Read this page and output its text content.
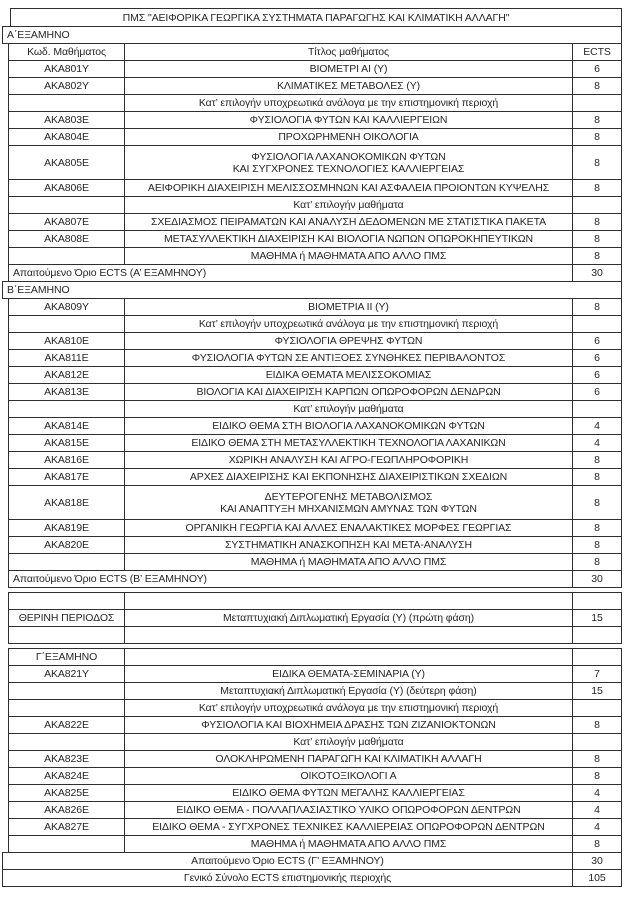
ΠΜΣ "ΑΕΙΦΟΡΙΚΑ ΓΕΩΡΓΙΚΑ ΣΥΣΤΗΜΑΤΑ ΠΑΡΑΓΩΓΗΣ ΚΑΙ ΚΛΙΜΑΤΙΚΗ ΑΛΛΑΓΗ"
Α΄ΕΞΑΜΗΝΟ
Κωδ. Μαθήματος	Τίτλος μαθήματος	ECTS
ΑΚΑ801Υ	ΒΙΟΜΕΤΡΙ ΑΙ (Υ)	6
ΑΚΑ802Υ	ΚΛΙΜΑΤΙΚΕΣ ΜΕΤΑΒΟΛΕΣ (Υ)	8
Κατ’ επιλογήν υποχρεωτικά ανάλογα με την επιστημονική περιοχή
ΑΚΑ803Ε	ΦΥΣΙΟΛΟΓΙΑ ΦΥΤΩΝ ΚΑΙ ΚΑΛΛΙΕΡΓΕΙΩΝ	8
ΑΚΑ804Ε	ΠΡΟΧΩΡΗΜΕΝΗ ΟΙΚΟΛΟΓΙΑ	8
ΑΚΑ805Ε	ΦΥΣΙΟΛΟΓΙΑ ΛΑΧΑΝΟΚΟΜΙΚΩΝ ΦΥΤΩΝ
ΚΑΙ ΣΥΓΧΡΟΝΕΣ ΤΕΧΝΟΛΟΓΙΕΣ ΚΑΛΛΙΕΡΓΕΙΑΣ	8
ΑΚΑ806Ε	ΑΕΙΦΟΡΙΚΗ ΔΙΑΧΕΙΡΙΣΗ ΜΕΛΙΣΣΟΣΜΗΝΩΝ ΚΑΙ ΑΣΦΑΛΕΙΑ ΠΡΟΙΟΝΤΩΝ ΚΥΨΕΛΗΣ	8
Κατ’ επιλογήν μαθήματα
ΑΚΑ807Ε	ΣΧΕΔΙΑΣΜΟΣ ΠΕΙΡΑΜΑΤΩΝ ΚΑΙ ΑΝΑΛΥΣΗ ΔΕΔΟΜΕΝΩΝ ΜΕ ΣΤΑΤΙΣΤΙΚΑ ΠΑΚΕΤΑ	8
ΑΚΑ808Ε	ΜΕΤΑΣΥΛΛΕΚΤΙΚΗ ΔΙΑΧΕΙΡΙΣΗ ΚΑΙ ΒΙΟΛΟΓΙΑ ΝΩΠΩΝ ΟΠΩΡΟΚΗΠΕΥΤΙΚΩΝ	8
ΜΑΘΗΜΑ ή ΜΑΘΗΜΑΤΑ ΑΠΟ ΑΛΛΟ ΠΜΣ	8
Απαιτούμενο Όριο ECTS (Α’ ΕΞΑΜΗΝΟΥ)	30
Β΄ΕΞΑΜΗΝΟ
ΑΚΑ809Υ	ΒΙΟΜΕΤΡΙΑ ΙΙ (Υ)	8
Κατ’ επιλογήν υποχρεωτικά ανάλογα με την επιστημονική περιοχή
ΑΚΑ810Ε	ΦΥΣΙΟΛΟΓΙΑ ΘΡΕΨΗΣ ΦΥΤΩΝ	6
ΑΚΑ811Ε	ΦΥΣΙΟΛΟΓΙΑ ΦΥΤΩΝ ΣΕ ΑΝΤΙΞΟΕΣ ΣΥΝΘΗΚΕΣ ΠΕΡΙΒΑΛΟΝΤΟΣ	6
ΑΚΑ812Ε	ΕΙΔΙΚΑ ΘΕΜΑΤΑ ΜΕΛΙΣΣΟΚΟΜΙΑΣ	6
ΑΚΑ813Ε	ΒΙΟΛΟΓΙΑ ΚΑΙ ΔΙΑΧΕΙΡΙΣΗ ΚΑΡΠΩΝ ΟΠΩΡΟΦΟΡΩΝ ΔΕΝΔΡΩΝ	6
Κατ’ επιλογήν μαθήματα
ΑΚΑ814Ε	ΕΙΔΙΚΟ ΘΕΜΑ ΣΤΗ ΒΙΟΛΟΓΙΑ ΛΑΧΑΝΟΚΟΜΙΚΩΝ ΦΥΤΩΝ	4
ΑΚΑ815Ε	ΕΙΔΙΚΟ ΘΕΜΑ ΣΤΗ ΜΕΤΑΣΥΛΛΕΚΤΙΚΗ ΤΕΧΝΟΛΟΓΙΑ ΛΑΧΑΝΙΚΩΝ	4
ΑΚΑ816Ε	ΧΩΡΙΚΗ ΑΝΑΛΥΣΗ ΚΑΙ ΑΓΡΟ-ΓΕΩΠΛΗΡΟΦΟΡΙΚΗ	8
ΑΚΑ817Ε	ΑΡΧΕΣ ΔΙΑΧΕΙΡΙΣΗΣ ΚΑΙ ΕΚΠΟΝΗΣΗΣ ΔΙΑΧΕΙΡΙΣΤΙΚΩΝ ΣΧΕΔΙΩΝ	8
ΑΚΑ818Ε	ΔΕΥΤΕΡΟΓΕΝΗΣ ΜΕΤΑΒΟΛΙΣΜΟΣ
ΚΑΙ ΑΝΑΠΤΥΞΗ ΜΗΧΑΝΙΣΜΩΝ ΑΜΥΝΑΣ ΤΩΝ ΦΥΤΩΝ	8
ΑΚΑ819Ε	ΟΡΓΑΝΙΚΗ ΓΕΩΡΓΙΑ ΚΑΙ ΑΛΛΕΣ ΕΝΑΛΑΚΤΙΚΕΣ ΜΟΡΦΕΣ ΓΕΩΡΓΙΑΣ	8
ΑΚΑ820Ε	ΣΥΣΤΗΜΑΤΙΚΗ ΑΝΑΣΚΟΠΗΣΗ ΚΑΙ ΜΕΤΑ-ΑΝΑΛΥΣΗ	8
ΜΑΘΗΜΑ ή ΜΑΘΗΜΑΤΑ ΑΠΟ ΑΛΛΟ ΠΜΣ	8
Απαιτούμενο Όριο ECTS (Β’ ΕΞΑΜΗΝΟΥ)	30
ΘΕΡΙΝΗ ΠΕΡΙΟΔΟΣ	Μεταπτυχιακή Διπλωματική Εργασία (Υ) (πρώτη φάση)	15
Γ΄ΕΞΑΜΗΝΟ
ΑΚΑ821Υ	ΕΙΔΙΚΑ ΘΕΜΑΤΑ-ΣΕΜΙΝΑΡΙΑ (Υ)	7
Μεταπτυχιακή Διπλωματική Εργασία (Υ) (δεύτερη φάση)	15
Κατ’ επιλογήν υποχρεωτικά ανάλογα με την επιστημονική περιοχή
ΑΚΑ822Ε	ΦΥΣΙΟΛΟΓΙΑ ΚΑΙ ΒΙΟΧΗΜΕΙΑ ΔΡΑΣΗΣ ΤΩΝ ΖΙΖΑΝΙΟΚΤΟΝΩΝ	8
Κατ’ επιλογήν μαθήματα
ΑΚΑ823Ε	ΟΛΟΚΛΗΡΩΜΕΝΗ ΠΑΡΑΓΩΓΗ ΚΑΙ ΚΛΙΜΑΤΙΚΗ ΑΛΛΑΓΗ	8
ΑΚΑ824Ε	ΟΙΚΟΤΟΞΙΚΟΛΟΓΙ Α	8
ΑΚΑ825Ε	ΕΙΔΙΚΟ ΘΕΜΑ ΦΥΤΩΝ ΜΕΓΑΛΗΣ ΚΑΛΛΙΕΡΓΕΙΑΣ	4
ΑΚΑ826Ε	ΕΙΔΙΚΟ ΘΕΜΑ - ΠΟΛΛΑΠΛΑΣΙΑΣΤΙΚΟ ΥΛΙΚΟ ΟΠΩΡΟΦΟΡΩΝ ΔΕΝΤΡΩΝ	4
ΑΚΑ827Ε	ΕΙΔΙΚΟ ΘΕΜΑ - ΣΥΓΧΡΟΝΕΣ ΤΕΧΝΙΚΕΣ ΚΑΛΛΙΕΡΕΙΑΣ ΟΠΩΡΟΦΟΡΩΝ ΔΕΝΤΡΩΝ	4
ΜΑΘΗΜΑ ή ΜΑΘΗΜΑΤΑ ΑΠΟ ΑΛΛΟ ΠΜΣ	8
Απαιτούμενο Όριο ECTS (Γ’ ΕΞΑΜΗΝΟΥ)	30
Γενικό Σύνολο ECTS επιστημονικής περιοχής	105
